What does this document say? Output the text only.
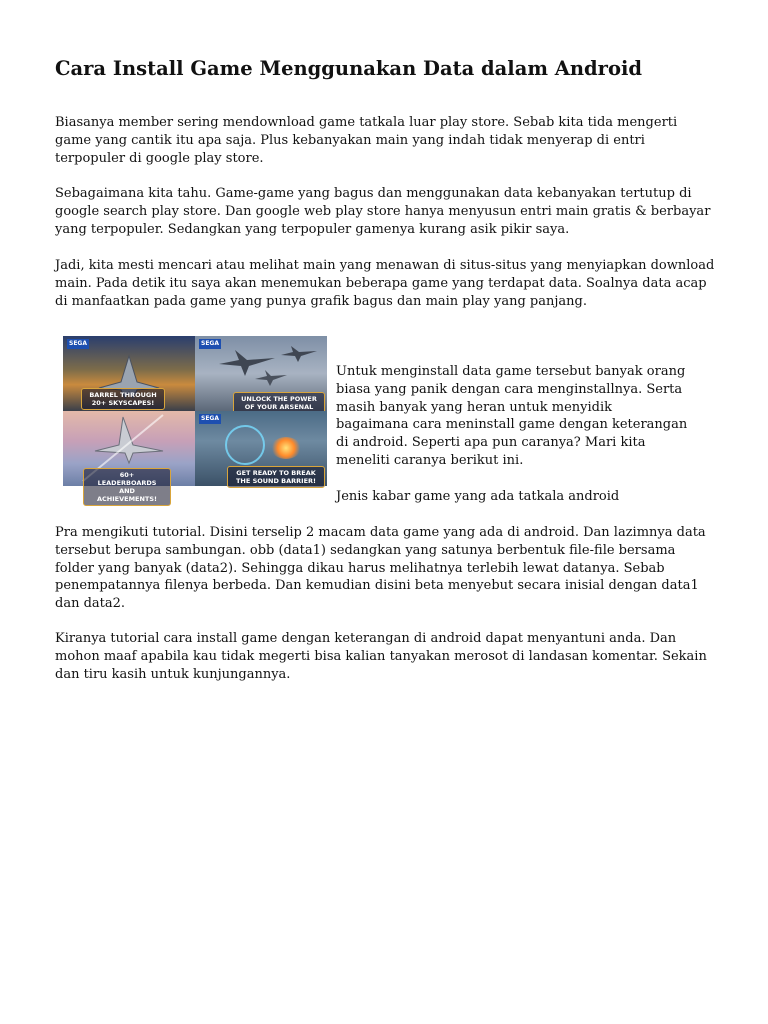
Cara Install Game Menggunakan Data dalam Android

Biasanya member sering mendownload game tatkala luar play store. Sebab kita tida mengerti game yang cantik itu apa saja. Plus kebanyakan main yang indah tidak menyerap di entri terpopuler di google play store.

Sebagaimana kita tahu. Game-game yang bagus dan menggunakan data kebanyakan tertutup di google search play store. Dan google web play store hanya menyusun entri main gratis & berbayar yang terpopuler. Sedangkan yang terpopuler gamenya kurang asik pikir saya.

Jadi, kita mesti mencari atau melihat main yang menawan di situs-situs yang menyiapkan download main. Pada detik itu saya akan menemukan beberapa game yang terdapat data. Soalnya data acap di manfaatkan pada game yang punya grafik bagus dan main play yang panjang.

SEGA
BARREL THROUGH 20+ SKYSCAPES!
SEGA
UNLOCK THE POWER OF YOUR ARSENAL
60+ LEADERBOARDS AND ACHIEVEMENTS!
SEGA
GET READY TO BREAK THE SOUND BARRIER!

Untuk menginstall data game tersebut banyak orang biasa yang panik dengan cara menginstallnya. Serta masih banyak yang heran untuk menyidik bagaimana cara meninstall game dengan keterangan di android. Seperti apa pun caranya? Mari kita meneliti caranya berikut ini.

Jenis kabar game yang ada tatkala android

Pra mengikuti tutorial. Disini terselip 2 macam data game yang ada di android. Dan lazimnya data tersebut berupa sambungan. obb (data1) sedangkan yang satunya berbentuk file-file bersama folder yang banyak (data2). Sehingga dikau harus melihatnya terlebih lewat datanya. Sebab penempatannya filenya berbeda. Dan kemudian disini beta menyebut secara inisial dengan data1 dan data2.

Kiranya tutorial cara install game dengan keterangan di android dapat menyantuni anda. Dan mohon maaf apabila kau tidak megerti bisa kalian tanyakan merosot di landasan komentar. Sekain dan tiru kasih untuk kunjungannya.
